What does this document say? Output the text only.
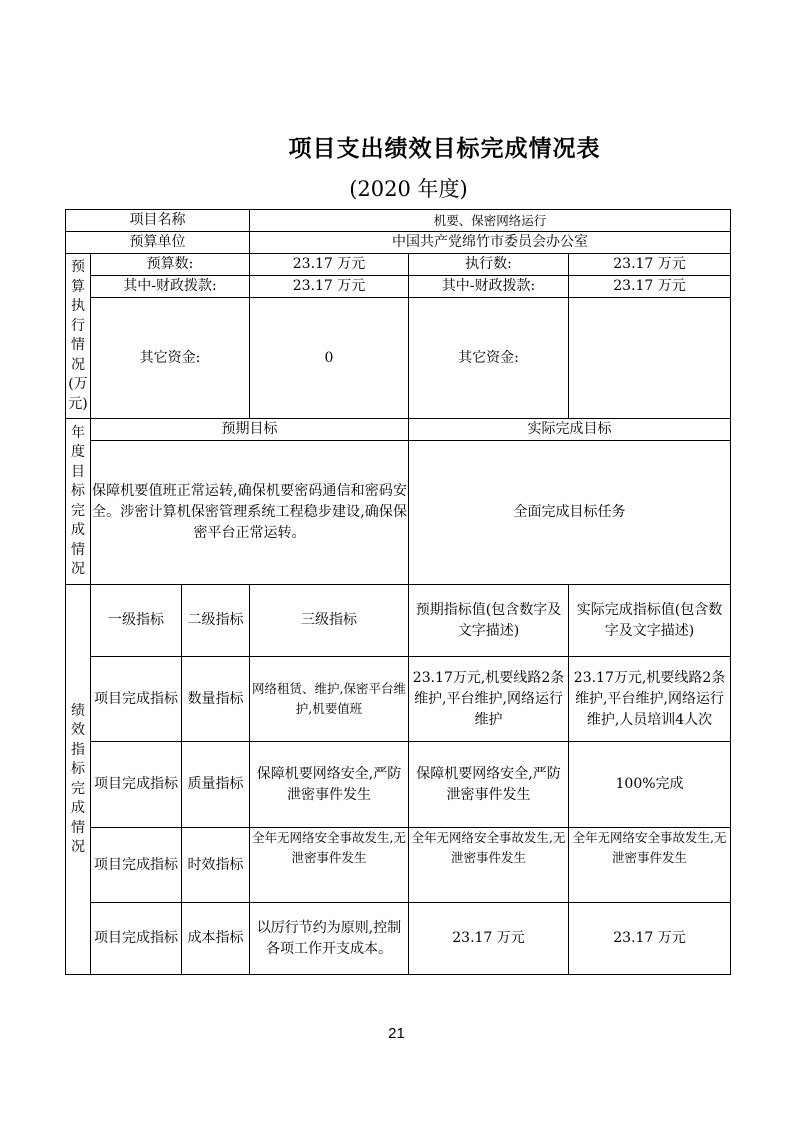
项目支出绩效目标完成情况表
(2020 年度)
项目名称			机要、保密网络运行		
预算单位			中国共产党绵竹市委员会办公室		
预算执行情况(万元)	预算数:		23.17 万元	执行数:	23.17 万元
	其中-财政拨款:		23.17 万元	其中-财政拨款:	23.17 万元
	其它资金:		0	其它资金:	
年度目标完成情况	预期目标			实际完成目标	
	保障机要值班正常运转,确保机要密码通信和密码安全。涉密计算机保密管理系统工程稳步建设,确保保密平台正常运转。			全面完成目标任务	
绩效指标完成情况	一级指标	二级指标	三级指标	预期指标值(包含数字及文字描述)	实际完成指标值(包含数字及文字描述)
	项目完成指标	数量指标	网络租赁、维护,保密平台维护,机要值班	23.17万元,机要线路2条维护,平台维护,网络运行维护	23.17万元,机要线路2条维护,平台维护,网络运行维护,人员培训4人次
	项目完成指标	质量指标	保障机要网络安全,严防泄密事件发生	保障机要网络安全,严防泄密事件发生	100%完成
	项目完成指标	时效指标	全年无网络安全事故发生,无泄密事件发生	全年无网络安全事故发生,无泄密事件发生	全年无网络安全事故发生,无泄密事件发生
	项目完成指标	成本指标	以厉行节约为原则,控制各项工作开支成本。	23.17 万元	23.17 万元
21
